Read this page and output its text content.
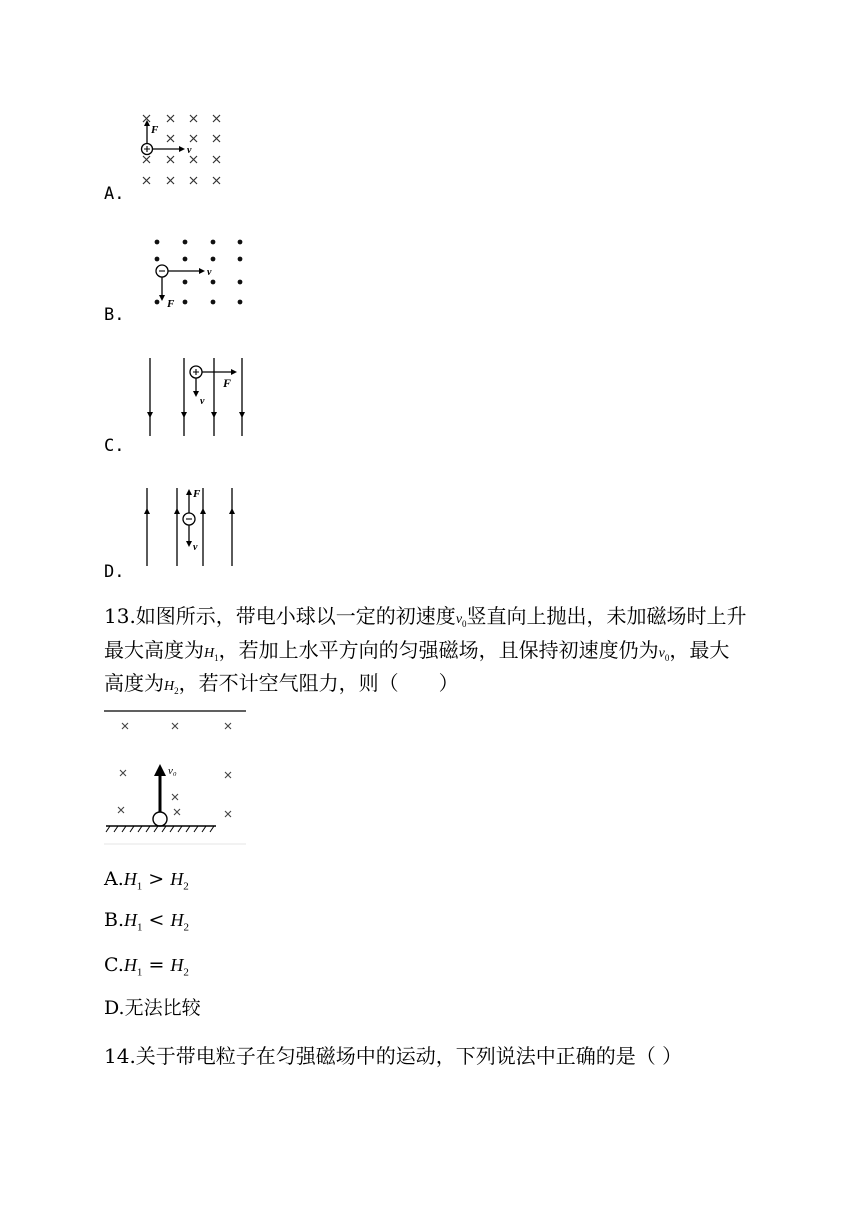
A.
F
v
B.
v
F
C.
F
v
D.
F
v
13.如图所示，带电小球以一定的初速度$v_0$竖直向上抛出，未加磁场时上升
最大高度为$H_1$，若加上水平方向的匀强磁场，且保持初速度仍为$v_0$，最大
高度为$H_2$，若不计空气阻力，则（　　）
v₀
$A.H_1 > H_2$
$B.H_1 < H_2$
$C.H_1 = H_2$
D.无法比较
14.关于带电粒子在匀强磁场中的运动，下列说法中正确的是（ ）
